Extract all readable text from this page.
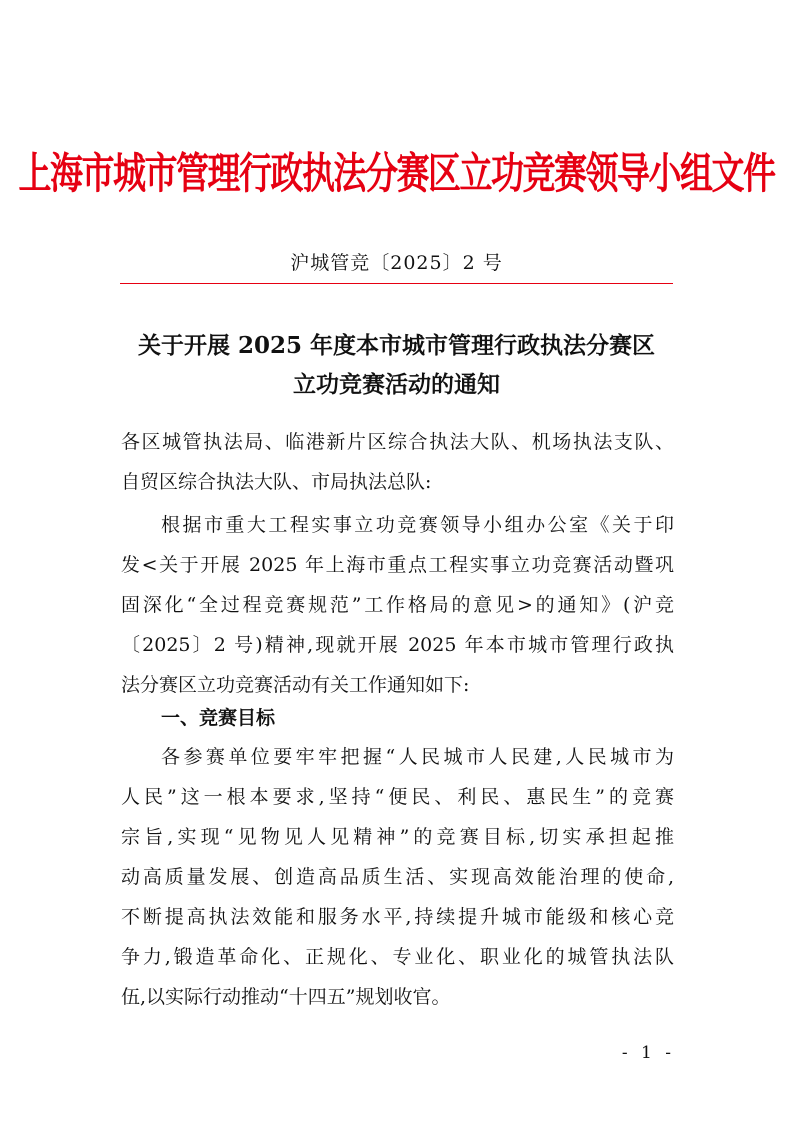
上海市城市管理行政执法分赛区立功竞赛领导小组文件
沪城管竞〔2025〕2 号
关于开展 2025 年度本市城市管理行政执法分赛区
立功竞赛活动的通知
各区城管执法局、临港新片区综合执法大队、机场执法支队、
自贸区综合执法大队、市局执法总队:
根据市重大工程实事立功竞赛领导小组办公室《关于印
发<关于开展 2025 年上海市重点工程实事立功竞赛活动暨巩
固深化“全过程竞赛规范”工作格局的意见>的通知》(沪竞
〔2025〕2 号)精神,现就开展 2025 年本市城市管理行政执
法分赛区立功竞赛活动有关工作通知如下:
一、竞赛目标
各参赛单位要牢牢把握“人民城市人民建,人民城市为
人民”这一根本要求,坚持“便民、利民、惠民生”的竞赛
宗旨,实现“见物见人见精神”的竞赛目标,切实承担起推
动高质量发展、创造高品质生活、实现高效能治理的使命,
不断提高执法效能和服务水平,持续提升城市能级和核心竞
争力,锻造革命化、正规化、专业化、职业化的城管执法队
伍,以实际行动推动“十四五”规划收官。
- 1 -
